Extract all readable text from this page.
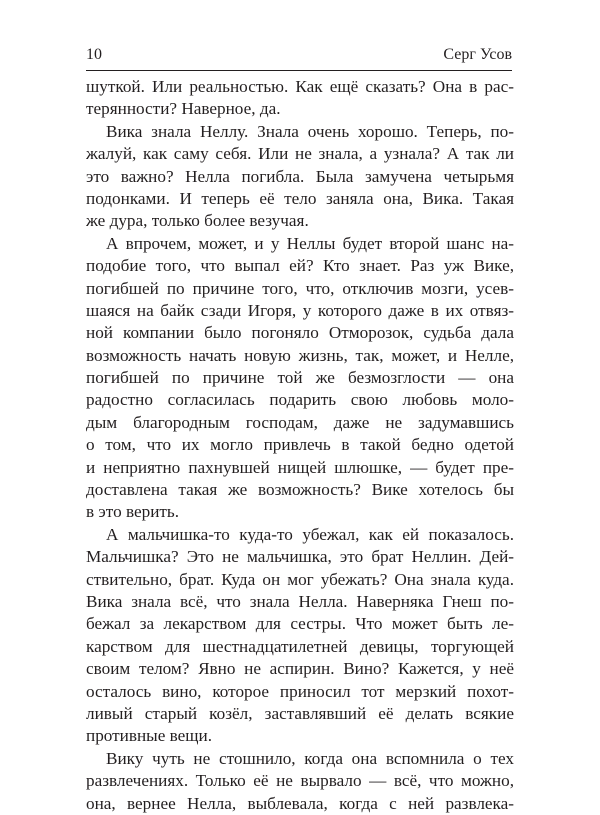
10	Серг Усов
шуткой. Или реальностью. Как ещё сказать? Она в рас-
терянности? Наверное, да.
Вика знала Неллу. Знала очень хорошо. Теперь, по-
жалуй, как саму себя. Или не знала, а узнала? А так ли
это важно? Нелла погибла. Была замучена четырьмя
подонками. И теперь её тело заняла она, Вика. Такая
же дура, только более везучая.
А впрочем, может, и у Неллы будет второй шанс на-
подобие того, что выпал ей? Кто знает. Раз уж Вике,
погибшей по причине того, что, отключив мозги, усев-
шаяся на байк сзади Игоря, у которого даже в их отвяз-
ной компании было погоняло Отморозок, судьба дала
возможность начать новую жизнь, так, может, и Нелле,
погибшей по причине той же безмозглости — она
радостно согласилась подарить свою любовь моло-
дым благородным господам, даже не задумавшись
о том, что их могло привлечь в такой бедно одетой
и неприятно пахнувшей нищей шлюшке, — будет пре-
доставлена такая же возможность? Вике хотелось бы
в это верить.
А мальчишка-то куда-то убежал, как ей показалось.
Мальчишка? Это не мальчишка, это брат Неллин. Дей-
ствительно, брат. Куда он мог убежать? Она знала куда.
Вика знала всё, что знала Нелла. Наверняка Гнеш по-
бежал за лекарством для сестры. Что может быть ле-
карством для шестнадцатилетней девицы, торгующей
своим телом? Явно не аспирин. Вино? Кажется, у неё
осталось вино, которое приносил тот мерзкий похот-
ливый старый козёл, заставлявший её делать всякие
противные вещи.
Вику чуть не стошнило, когда она вспомнила о тех
развлечениях. Только её не вырвало — всё, что можно,
она, вернее Нелла, выблевала, когда с ней развлека-
